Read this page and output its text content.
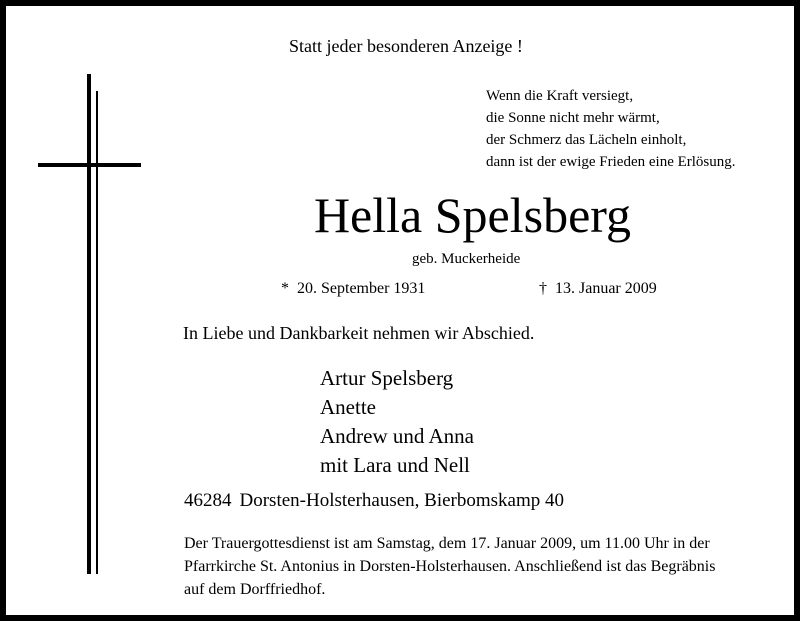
Statt jeder besonderen Anzeige !

Wenn die Kraft versiegt,
die Sonne nicht mehr wärmt,
der Schmerz das Lächeln einholt,
dann ist der ewige Frieden eine Erlösung.
Hella Spelsberg
geb. Muckerheide
*  20. September 1931	†  13. Januar 2009
In Liebe und Dankbarkeit nehmen wir Abschied.
Artur Spelsberg
Anette
Andrew und Anna
mit Lara und Nell
46284 Dorsten-Holsterhausen, Bierbomskamp 40
Der Trauergottesdienst ist am Samstag, dem 17. Januar 2009, um 11.00 Uhr in der
Pfarrkirche St. Antonius in Dorsten-Holsterhausen. Anschließend ist das Begräbnis
auf dem Dorffriedhof.
